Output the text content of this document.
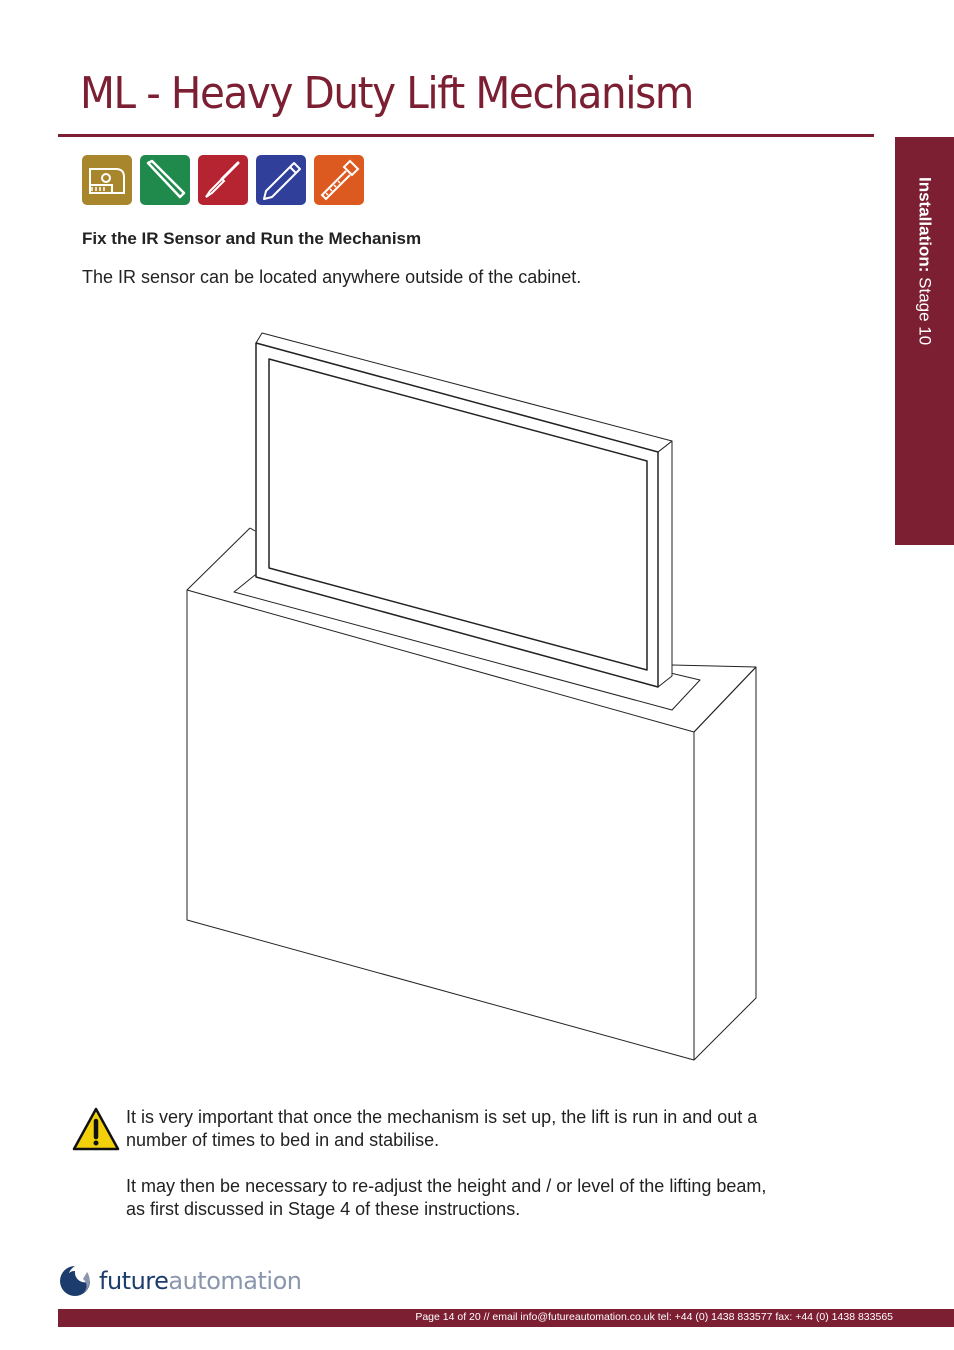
ML - Heavy Duty Lift Mechanism
Installation: Stage 10

Fix the IR Sensor and Run the Mechanism

The IR sensor can be located anywhere outside of the cabinet.

It is very important that once the mechanism is set up, the lift is run in and out a number of times to bed in and stabilise.

It may then be necessary to re-adjust the height and / or level of the lifting beam, as first discussed in Stage 4 of these instructions.

futureautomation
Page 14 of 20 // email info@futureautomation.co.uk tel: +44 (0) 1438 833577 fax: +44 (0) 1438 833565
